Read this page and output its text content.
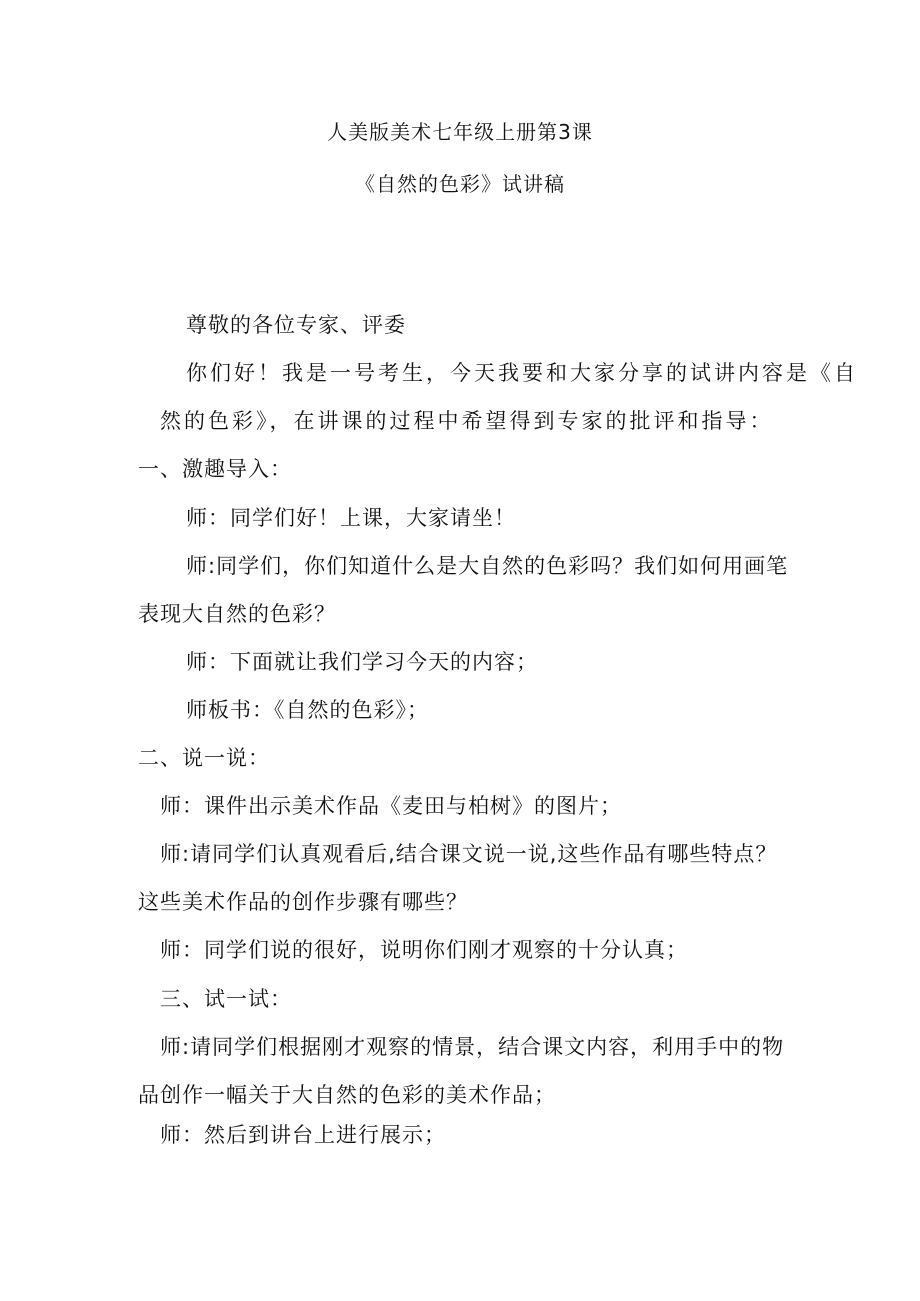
人美版美术七年级上册第3课
《自然的色彩》试讲稿
尊敬的各位专家、评委
你们好！我是一号考生，今天我要和大家分享的试讲内容是《自
然的色彩》，在讲课的过程中希望得到专家的批评和指导：
一、激趣导入：
师：同学们好！上课，大家请坐！
师:同学们，你们知道什么是大自然的色彩吗？我们如何用画笔
表现大自然的色彩？
师：下面就让我们学习今天的内容；
师板书：《自然的色彩》；
二、说一说：
师：课件出示美术作品《麦田与柏树》的图片；
师:请同学们认真观看后,结合课文说一说,这些作品有哪些特点？
这些美术作品的创作步骤有哪些？
师：同学们说的很好，说明你们刚才观察的十分认真；
三、试一试：
师:请同学们根据刚才观察的情景，结合课文内容，利用手中的物
品创作一幅关于大自然的色彩的美术作品；
师：然后到讲台上进行展示；
